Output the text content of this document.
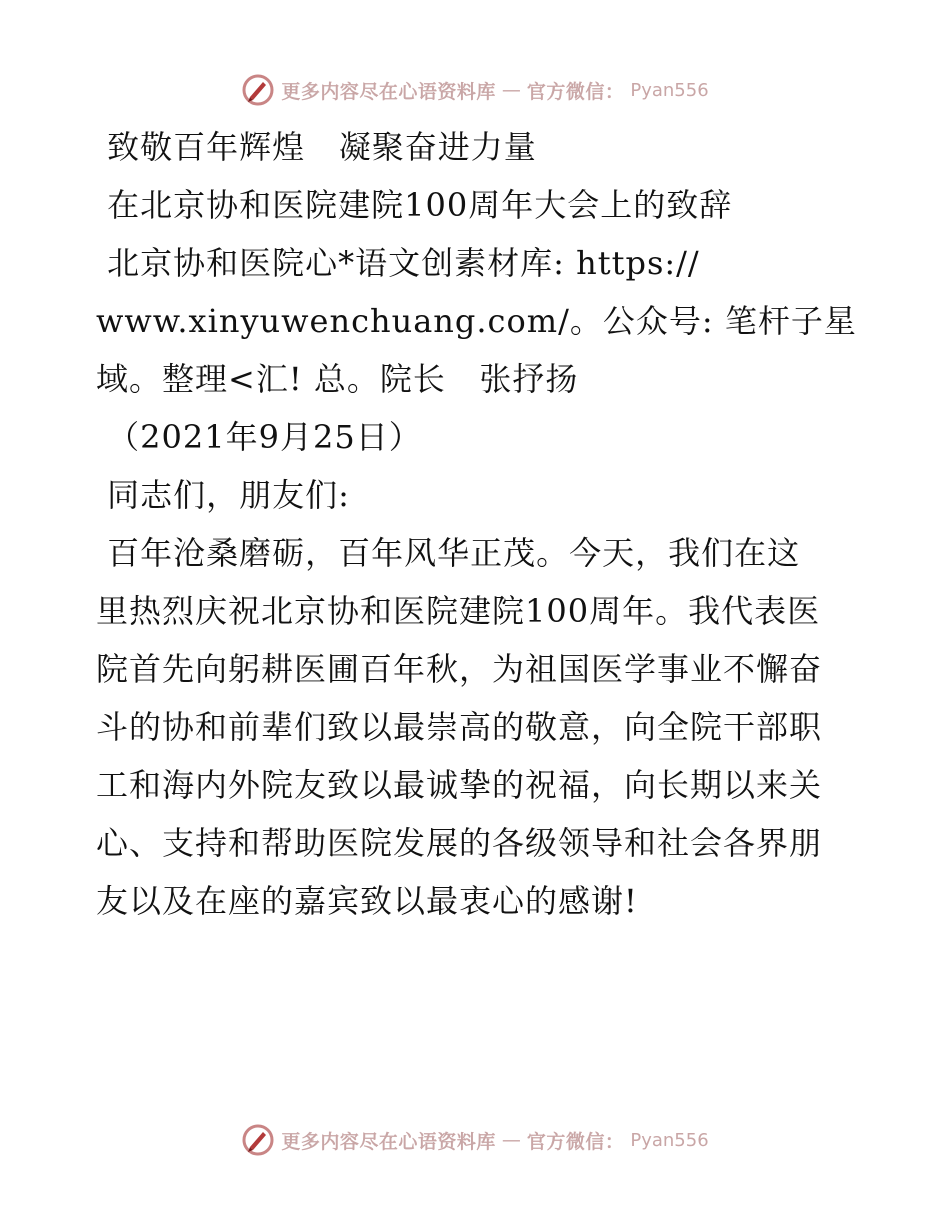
更多内容尽在心语资料库 — 官方微信： Pyan556

致敬百年辉煌   凝聚奋进力量

在北京协和医院建院100周年大会上的致辞

北京协和医院心*语文创素材库: https://

www.xinyuwenchuang.com/。公众号: 笔杆子星

域。整理<汇! 总。院长   张抒扬

（2021年9月25日）

同志们，朋友们:

百年沧桑磨砺，百年风华正茂。今天，我们在这

里热烈庆祝北京协和医院建院100周年。我代表医

院首先向躬耕医圃百年秋，为祖国医学事业不懈奋

斗的协和前辈们致以最崇高的敬意，向全院干部职

工和海内外院友致以最诚挚的祝福，向长期以来关

心、支持和帮助医院发展的各级领导和社会各界朋

友以及在座的嘉宾致以最衷心的感谢!

更多内容尽在心语资料库 — 官方微信： Pyan556
